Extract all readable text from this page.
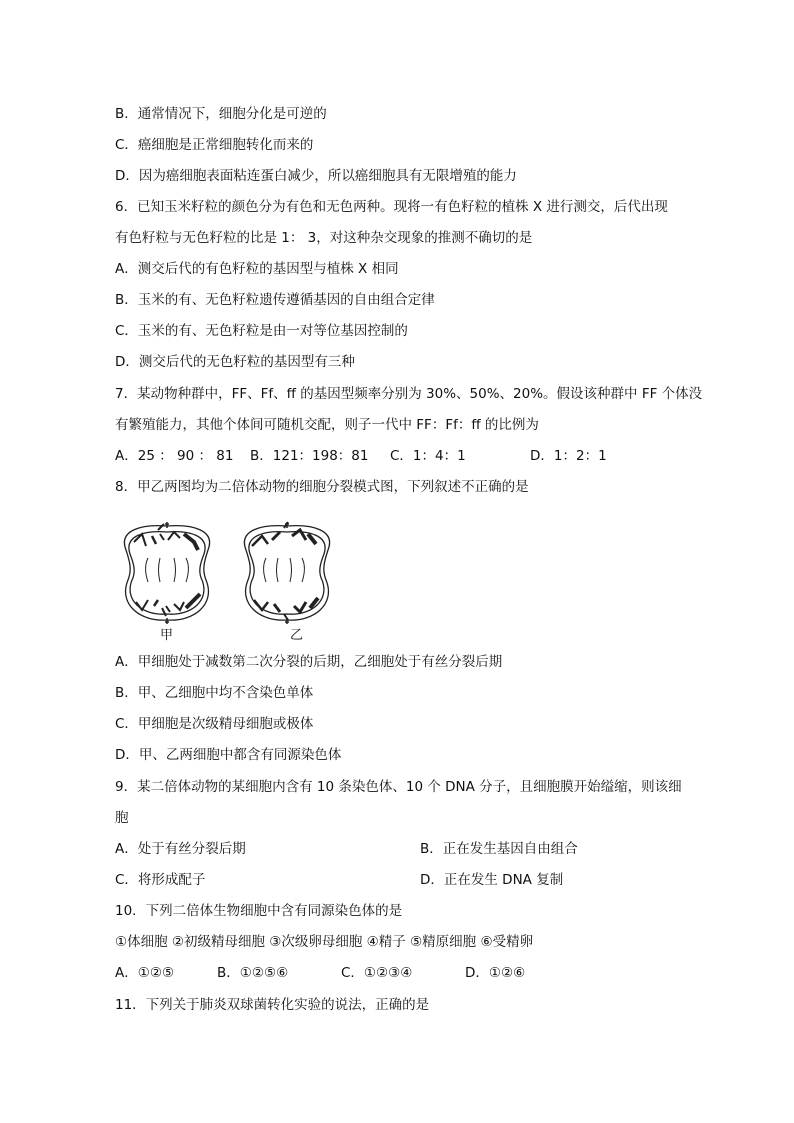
B．通常情况下，细胞分化是可逆的
C．癌细胞是正常细胞转化而来的
D．因为癌细胞表面粘连蛋白减少，所以癌细胞具有无限增殖的能力
6．已知玉米籽粒的颜色分为有色和无色两种。现将一有色籽粒的植株 X 进行测交，后代出现
有色籽粒与无色籽粒的比是 1： 3，对这种杂交现象的推测不确切的是
A．测交后代的有色籽粒的基因型与植株 X 相同
B．玉米的有、无色籽粒遗传遵循基因的自由组合定律
C．玉米的有、无色籽粒是由一对等位基因控制的
D．测交后代的无色籽粒的基因型有三种
7．某动物种群中，FF、Ff、ff 的基因型频率分别为 30%、50%、20%。假设该种群中 FF 个体没
有繁殖能力，其他个体间可随机交配，则子一代中 FF：Ff：ff 的比例为
A．25 ： 90 ： 81 B．121：198：81 C．1：4：1	D．1：2：1
8．甲乙两图均为二倍体动物的细胞分裂模式图，下列叙述不正确的是
甲	乙
A．甲细胞处于减数第二次分裂的后期，乙细胞处于有丝分裂后期
B．甲、乙细胞中均不含染色单体
C．甲细胞是次级精母细胞或极体
D．甲、乙两细胞中都含有同源染色体
9．某二倍体动物的某细胞内含有 10 条染色体、10 个 DNA 分子，且细胞膜开始缢缩，则该细
胞
A．处于有丝分裂后期	B．正在发生基因自由组合
C．将形成配子	D．正在发生 DNA 复制
10．下列二倍体生物细胞中含有同源染色体的是
①体细胞 ②初级精母细胞 ③次级卵母细胞 ④精子 ⑤精原细胞 ⑥受精卵
A．①②⑤	B．①②⑤⑥	C．①②③④	D．①②⑥
11．下列关于肺炎双球菌转化实验的说法，正确的是
